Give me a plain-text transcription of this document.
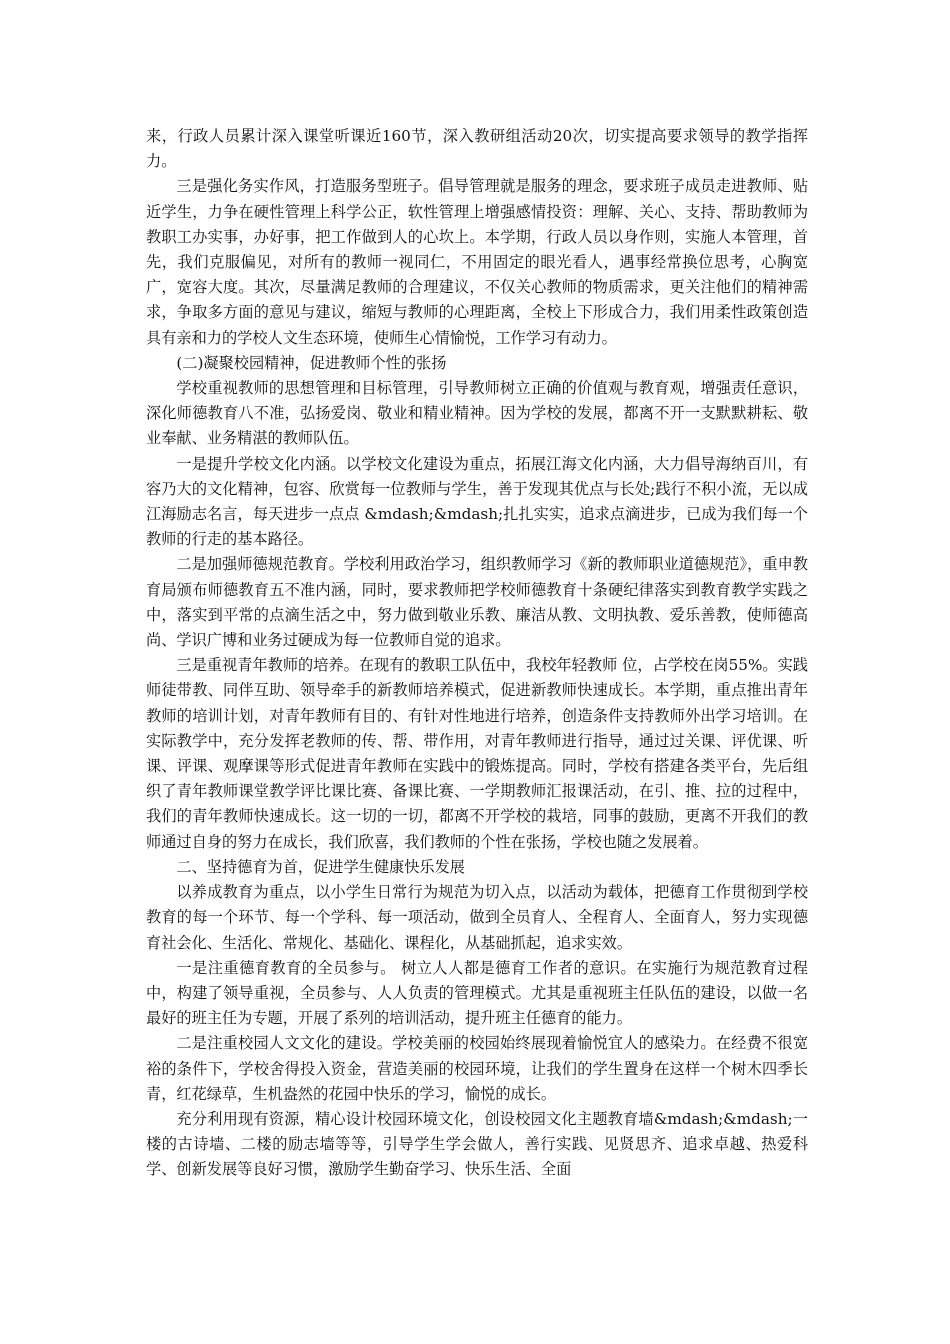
来，行政人员累计深入课堂听课近160节，深入教研组活动20次，切实提高要求领导的教学指挥力。

三是强化务实作风，打造服务型班子。倡导管理就是服务的理念，要求班子成员走进教师、贴近学生，力争在硬性管理上科学公正，软性管理上增强感情投资：理解、关心、支持、帮助教师为教职工办实事，办好事，把工作做到人的心坎上。本学期，行政人员以身作则，实施人本管理，首先，我们克服偏见，对所有的教师一视同仁，不用固定的眼光看人，遇事经常换位思考，心胸宽广，宽容大度。其次，尽量满足教师的合理建议，不仅关心教师的物质需求，更关注他们的精神需求，争取多方面的意见与建议，缩短与教师的心理距离，全校上下形成合力，我们用柔性政策创造具有亲和力的学校人文生态环境，使师生心情愉悦，工作学习有动力。

(二)凝聚校园精神，促进教师个性的张扬

学校重视教师的思想管理和目标管理，引导教师树立正确的价值观与教育观，增强责任意识，深化师德教育八不准，弘扬爱岗、敬业和精业精神。因为学校的发展，都离不开一支默默耕耘、敬业奉献、业务精湛的教师队伍。

一是提升学校文化内涵。以学校文化建设为重点，拓展江海文化内涵，大力倡导海纳百川，有容乃大的文化精神，包容、欣赏每一位教师与学生，善于发现其优点与长处;践行不积小流，无以成江海励志名言，每天进步一点点 &mdash;&mdash;扎扎实实，追求点滴进步，已成为我们每一个教师的行走的基本路径。

二是加强师德规范教育。学校利用政治学习，组织教师学习《新的教师职业道德规范》，重申教育局颁布师德教育五不准内涵，同时，要求教师把学校师德教育十条硬纪律落实到教育教学实践之中，落实到平常的点滴生活之中，努力做到敬业乐教、廉洁从教、文明执教、爱乐善教，使师德高尚、学识广博和业务过硬成为每一位教师自觉的追求。

三是重视青年教师的培养。在现有的教职工队伍中，我校年轻教师 位，占学校在岗55%。实践师徒带教、同伴互助、领导牵手的新教师培养模式，促进新教师快速成长。本学期，重点推出青年教师的培训计划，对青年教师有目的、有针对性地进行培养，创造条件支持教师外出学习培训。在实际教学中，充分发挥老教师的传、帮、带作用，对青年教师进行指导，通过过关课、评优课、听课、评课、观摩课等形式促进青年教师在实践中的锻炼提高。同时，学校有搭建各类平台，先后组织了青年教师课堂教学评比课比赛、备课比赛、一学期教师汇报课活动，在引、推、拉的过程中，我们的青年教师快速成长。这一切的一切，都离不开学校的栽培，同事的鼓励，更离不开我们的教师通过自身的努力在成长，我们欣喜，我们教师的个性在张扬，学校也随之发展着。

二、坚持德育为首，促进学生健康快乐发展

以养成教育为重点，以小学生日常行为规范为切入点，以活动为载体，把德育工作贯彻到学校教育的每一个环节、每一个学科、每一项活动，做到全员育人、全程育人、全面育人，努力实现德育社会化、生活化、常规化、基础化、课程化，从基础抓起，追求实效。

一是注重德育教育的全员参与。 树立人人都是德育工作者的意识。在实施行为规范教育过程中，构建了领导重视，全员参与、人人负责的管理模式。尤其是重视班主任队伍的建设，以做一名最好的班主任为专题，开展了系列的培训活动，提升班主任德育的能力。

二是注重校园人文文化的建设。学校美丽的校园始终展现着愉悦宜人的感染力。在经费不很宽裕的条件下，学校舍得投入资金，营造美丽的校园环境，让我们的学生置身在这样一个树木四季长青，红花绿草，生机盎然的花园中快乐的学习，愉悦的成长。

充分利用现有资源，精心设计校园环境文化，创设校园文化主题教育墙&mdash;&mdash;一楼的古诗墙、二楼的励志墙等等，引导学生学会做人，善行实践、见贤思齐、追求卓越、热爱科学、创新发展等良好习惯，激励学生勤奋学习、快乐生活、全面
